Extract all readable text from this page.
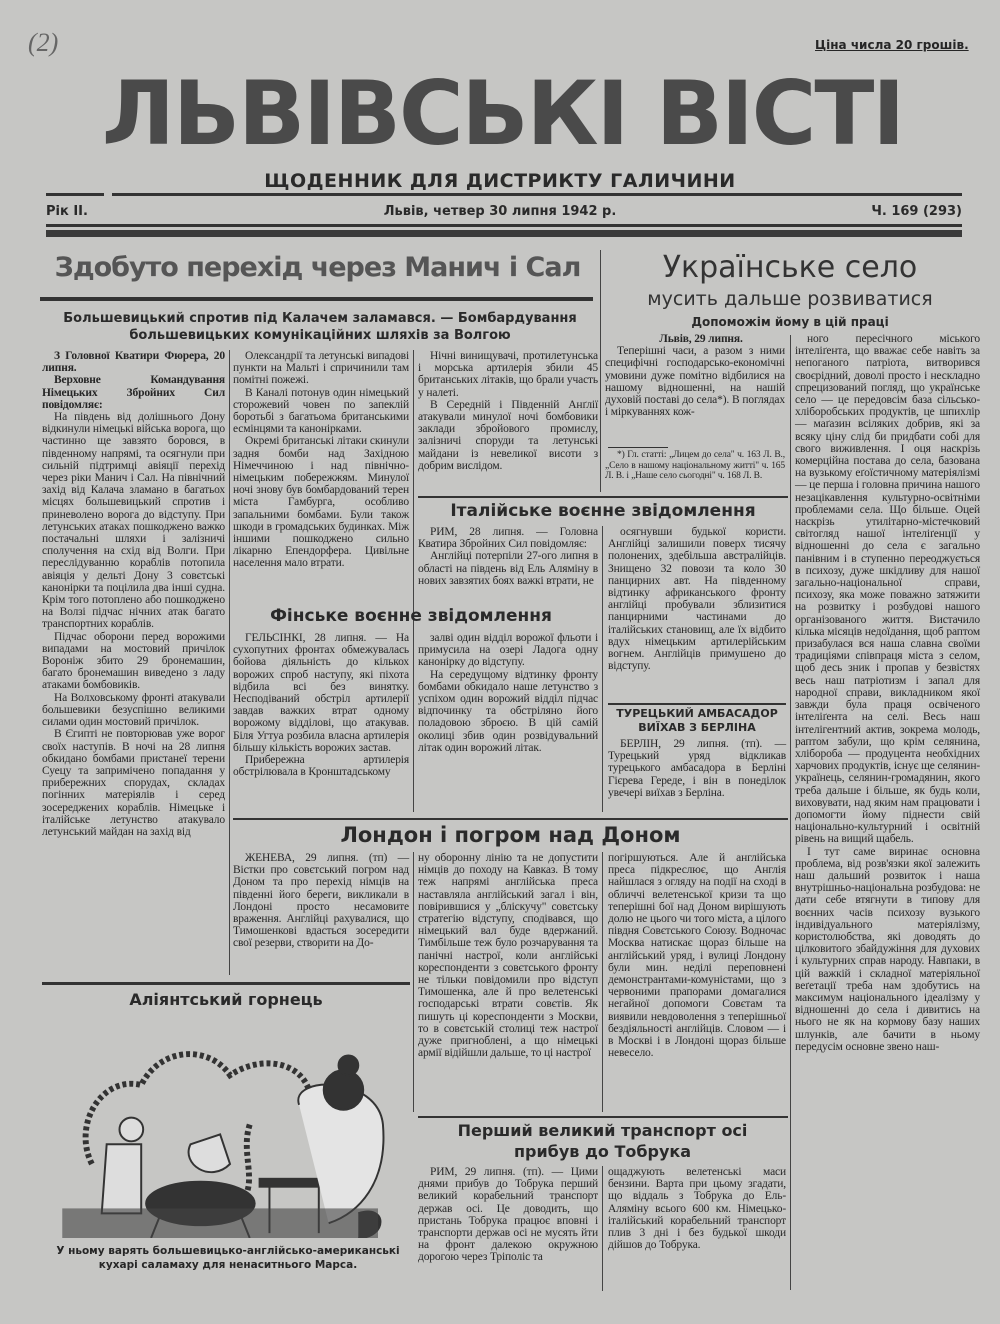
(2)	Ціна числа 20 грошів.
ЛЬВІВСЬКІ ВІСТІ
ЩОДЕННИК ДЛЯ ДИСТРИКТУ ГАЛИЧИНИ
Рік II.	Львів, четвер 30 липня 1942 р.	Ч. 169 (293)
Здобуто перехід через Манич і Сал
Большевицький спротив під Калачем заламався. — Бомбардування большевицьких комунікаційних шляхів за Волгою

З Головної Кватири Фюрера, 20 липня.

Верховне Командування Німецьких Збройних Сил повідомляє:

На південь від долішнього Дону відкинули німецькі війська ворога, що частинно ще завзято боровся, в південному напрямі, та осягнули при сильній підтримці авіяції перехід через ріки Манич і Сал. На північний захід від Калача зламано в багатьох місцях большевицький спротив і приневолено ворога до відступу. При летунських атаках пошкоджено важко постачальні шляхи і залізничі сполучення на схід від Волги. При переслідуванню кораблів потопила авіяція у дельті Дону 3 совєтські канонірки та поцілила два інші судна. Крім того потоплено або пошкоджено на Волзі підчас нічних атак багато транспортних кораблів.

Підчас оборони перед ворожими випадами на мостовий причілок Вороніж збито 29 бронемашин, багато бронемашин виведено з ладу атаками бомбовиків.

На Волховському фронті атакували большевики безуспішно великими силами один мостовий причілок.

В Єгипті не повторював уже ворог своїх наступів. В ночі на 28 липня обкидано бомбами пристанеї терени Суецу та запримічено попадання у прибережних спорудах, складах погінних матеріялів і серед зосереджених кораблів. Німецьке і італійське летунство атакувало летунський майдан на захід від

Олександрії та летунські випадові пункти на Мальті і спричинили там помітні пожежі.

В Каналі потонув один німецький сторожевий човен по запеклій боротьбі з багатьома британськими есмінцями та канонірками.

Окремі британські літаки скинули задня бомби над Західною Німеччиною і над північно-німецьким побережжям. Минулої ночі знову був бомбардований терен міста Гамбурга, особливо запальними бомбами. Були також шкоди в громадських будинках. Між іншими пошкоджено сильно лікарню Епендорфера. Цивільне населення мало втрати.

Нічні винищувачі, протилетунська і морська артилерія збили 45 британських літаків, що брали участь у налеті.

В Середній і Південній Анґлії атакували минулої ночі бомбовики заклади збройового промислу, залізничі споруди та летунські майдани із невеликої висоти з добрим вислідом.

Фінське воєнне звідомлення

ГЕЛЬСІНКІ, 28 липня. — На сухопутних фронтах обмежувалась бойова діяльність до кількох ворожих спроб наступу, які піхота відбила всі без винятку. Несподіваний обстріл артилерії завдав важких втрат одному ворожому відділові, що атакував. Біля Угтуа розбила власна артилерія більшу кількість ворожих застав.

Прибережна артилерія обстрілювала в Кронштадському

залві один відділ ворожої фльоти і примусила на озері Ладога одну канонірку до відступу.

На середущому відтинку фронту бомбами обкидало наше летунство з успіхом один ворожий відділ підчас відпочинку та обстріляно його поладовою зброєю. В цій самій околиці збив один розвідувальний літак один ворожий літак.

Італійське воєнне звідомлення

РИМ, 28 липня. — Головна Кватира Збройних Сил повідомляє:

Англійці потерпіли 27-ого липня в області на південь від Ель Аляміну в нових завзятих боях важкі втрати, не

осягнувши будької користи. Англійці залишили поверх тисячу полонених, здебільша австралійців. Знищено 32 повози та коло 30 панцирних авт. На південному відтинку африканського фронту англійці пробували зблизитися панцирними частинами до італійських становищ, але їх відбито вдух німецьким артилерійським вогнем. Англійців примушено до відступу.

ТУРЕЦЬКИЙ АМБАСАДОР ВИЇХАВ З БЕРЛІНА

БЕРЛІН, 29 липня. (тп). — Турецький уряд відкликав турецького амбасадора в Берліні Гієрева Гереде, і він в понеділок увечері виїхав з Берліна.

Українське село
мусить дальше розвиватися
Допоможім йому в цій праці

Львів, 29 липня.

Теперішні часи, а разом з ними специфічні господарсько-економічні умовини дуже помітно відбилися на нашому відношенні, на нашій духовій поставі до села*). В поглядах і міркуваннях кож-

*) Гл. статті: „Лицем до села" ч. 163 Л. В., „Село в нашому національному житті" ч. 165 Л. В. і „Наше село сьогодні" ч. 168 Л. В.

ного пересічного міського інтеліґента, що вважає себе навіть за непоганого патріота, витворився своєрідний, доволі просто і нескладно спрецизований погляд, що українське село — це передовсім база сільсько-хліборобських продуктів, це шпихлір — маґазин всіляких добрив, які за всяку ціну слід би придбати собі для свого виживлення. І оця наскрізь комерційна постава до села, базована на вузькому еґоїстичному матеріялізмі — це перша і головна причина нашого незацікавлення культурно-освітніми проблемами села. Що більше. Оцей наскрізь утилітарно-містечковий світогляд нашої інтеліґенції у відношенні до села є загально панівним і в ступенно переоджується в психозу, дуже шкідливу для нашої загально-національної справи, психозу, яка може поважно затяжити на розвитку і розбудові нашого організованого життя. Вистачило кілька місяців недоїдання, щоб раптом призабулася вся наша славна своїми традиціями співпраця міста з селом, щоб десь зник і пропав у безвістях весь наш патріотизм і запал для народної справи, викладником якої завжди була праця освіченого інтеліґента на селі. Весь наш інтелігентний актив, зокрема молодь, раптом забули, що крім селянина, хлібороба — продуцента необхідних харчових продуктів, існує ще селянин-українець, селянин-громадянин, якого треба дальше і більше, як будь коли, виховувати, над яким нам працювати і допомогти йому піднести свій національно-культурний і освітній рівень на вищий щабель.

І тут саме виринає основна проблема, від розв'язки якої залежить наш дальший розвиток і наша внутрішньо-національна розбудова: не дати себе втягнути в типову для воєнних часів психозу вузького індивідуального матеріялізму, користолюбства, які доводять до цілковитого збайдужіння для духових і культурних справ народу. Навпаки, в цій важкій і складної матеріяльної веґетації треба нам здобутись на максимум національного ідеалізму у відношенні до села і дивитись на нього не як на кормову базу наших шлунків, але бачити в ньому передусім основне звено наш-

Лондон і погром над Доном

ЖЕНЕВА, 29 липня. (тп) — Вістки про совєтський погром над Доном та про перехід німців на південні його береги, викликали в Лондоні просто несамовите враження. Англійці рахувалися, що Тимошенкові вдасться зосередити свої резерви, створити на До-

ну оборонну лінію та не допустити німців до походу на Кавказ. В тому теж напрямі англійська преса наставляла англійський загал і він, повірившися у „бліскучу" совєтську стратегію відступу, сподівався, що німецький вал буде вдержаний. Тимбільше теж було розчарування та панічні настрої, коли англійські кореспонденти з совєтського фронту не тільки повідомили про відступ Тимошенка, але й про велетенські господарські втрати совєтів. Як пишуть ці кореспонденти з Москви, то в совєтській столиці теж настрої дуже пригноблені, а що німецькі армії відійшли дальше, то ці настрої

погіршуються. Але й англійська преса підкреслює, що Англія найшлася з огляду на події на сході в обличчі велетенської кризи та що теперішні бої над Доном вирішують долю не цього чи того міста, а цілого півдня Совєтського Союзу. Водночас Москва натискає щораз більше на англійський уряд, і вулиці Лондону були мин. неділі переповнені демонстрантами-комуністами, що з червоними прапорами домагалися негайної допомоги Совєтам та виявили невдоволення з теперішньої бездіяльності англійців. Словом — і в Москві і в Лондоні щораз більше невесело.

Перший великий транспорт осі прибув до Тобрука

РИМ, 29 липня. (тп). — Цими днями прибув до Тобрука перший великий корабельний транспорт держав осі. Це доводить, що пристань Тобрука працює вповні і транспорти держав осі не мусять йти на фронт далекою окружною дорогою через Тріполіс та

ощаджують велетенські маси бензини. Варта при цьому згадати, що віддаль з Тобрука до Ель-Аляміну всього 600 км. Німецько-італійський корабельний транспорт плив 3 дні і без будької шкоди дійшов до Тобрука.

Аліянтський горнець
У ньому варять большевицько-англійсько-американські кухарі саламаху для ненаситнього Марса.
